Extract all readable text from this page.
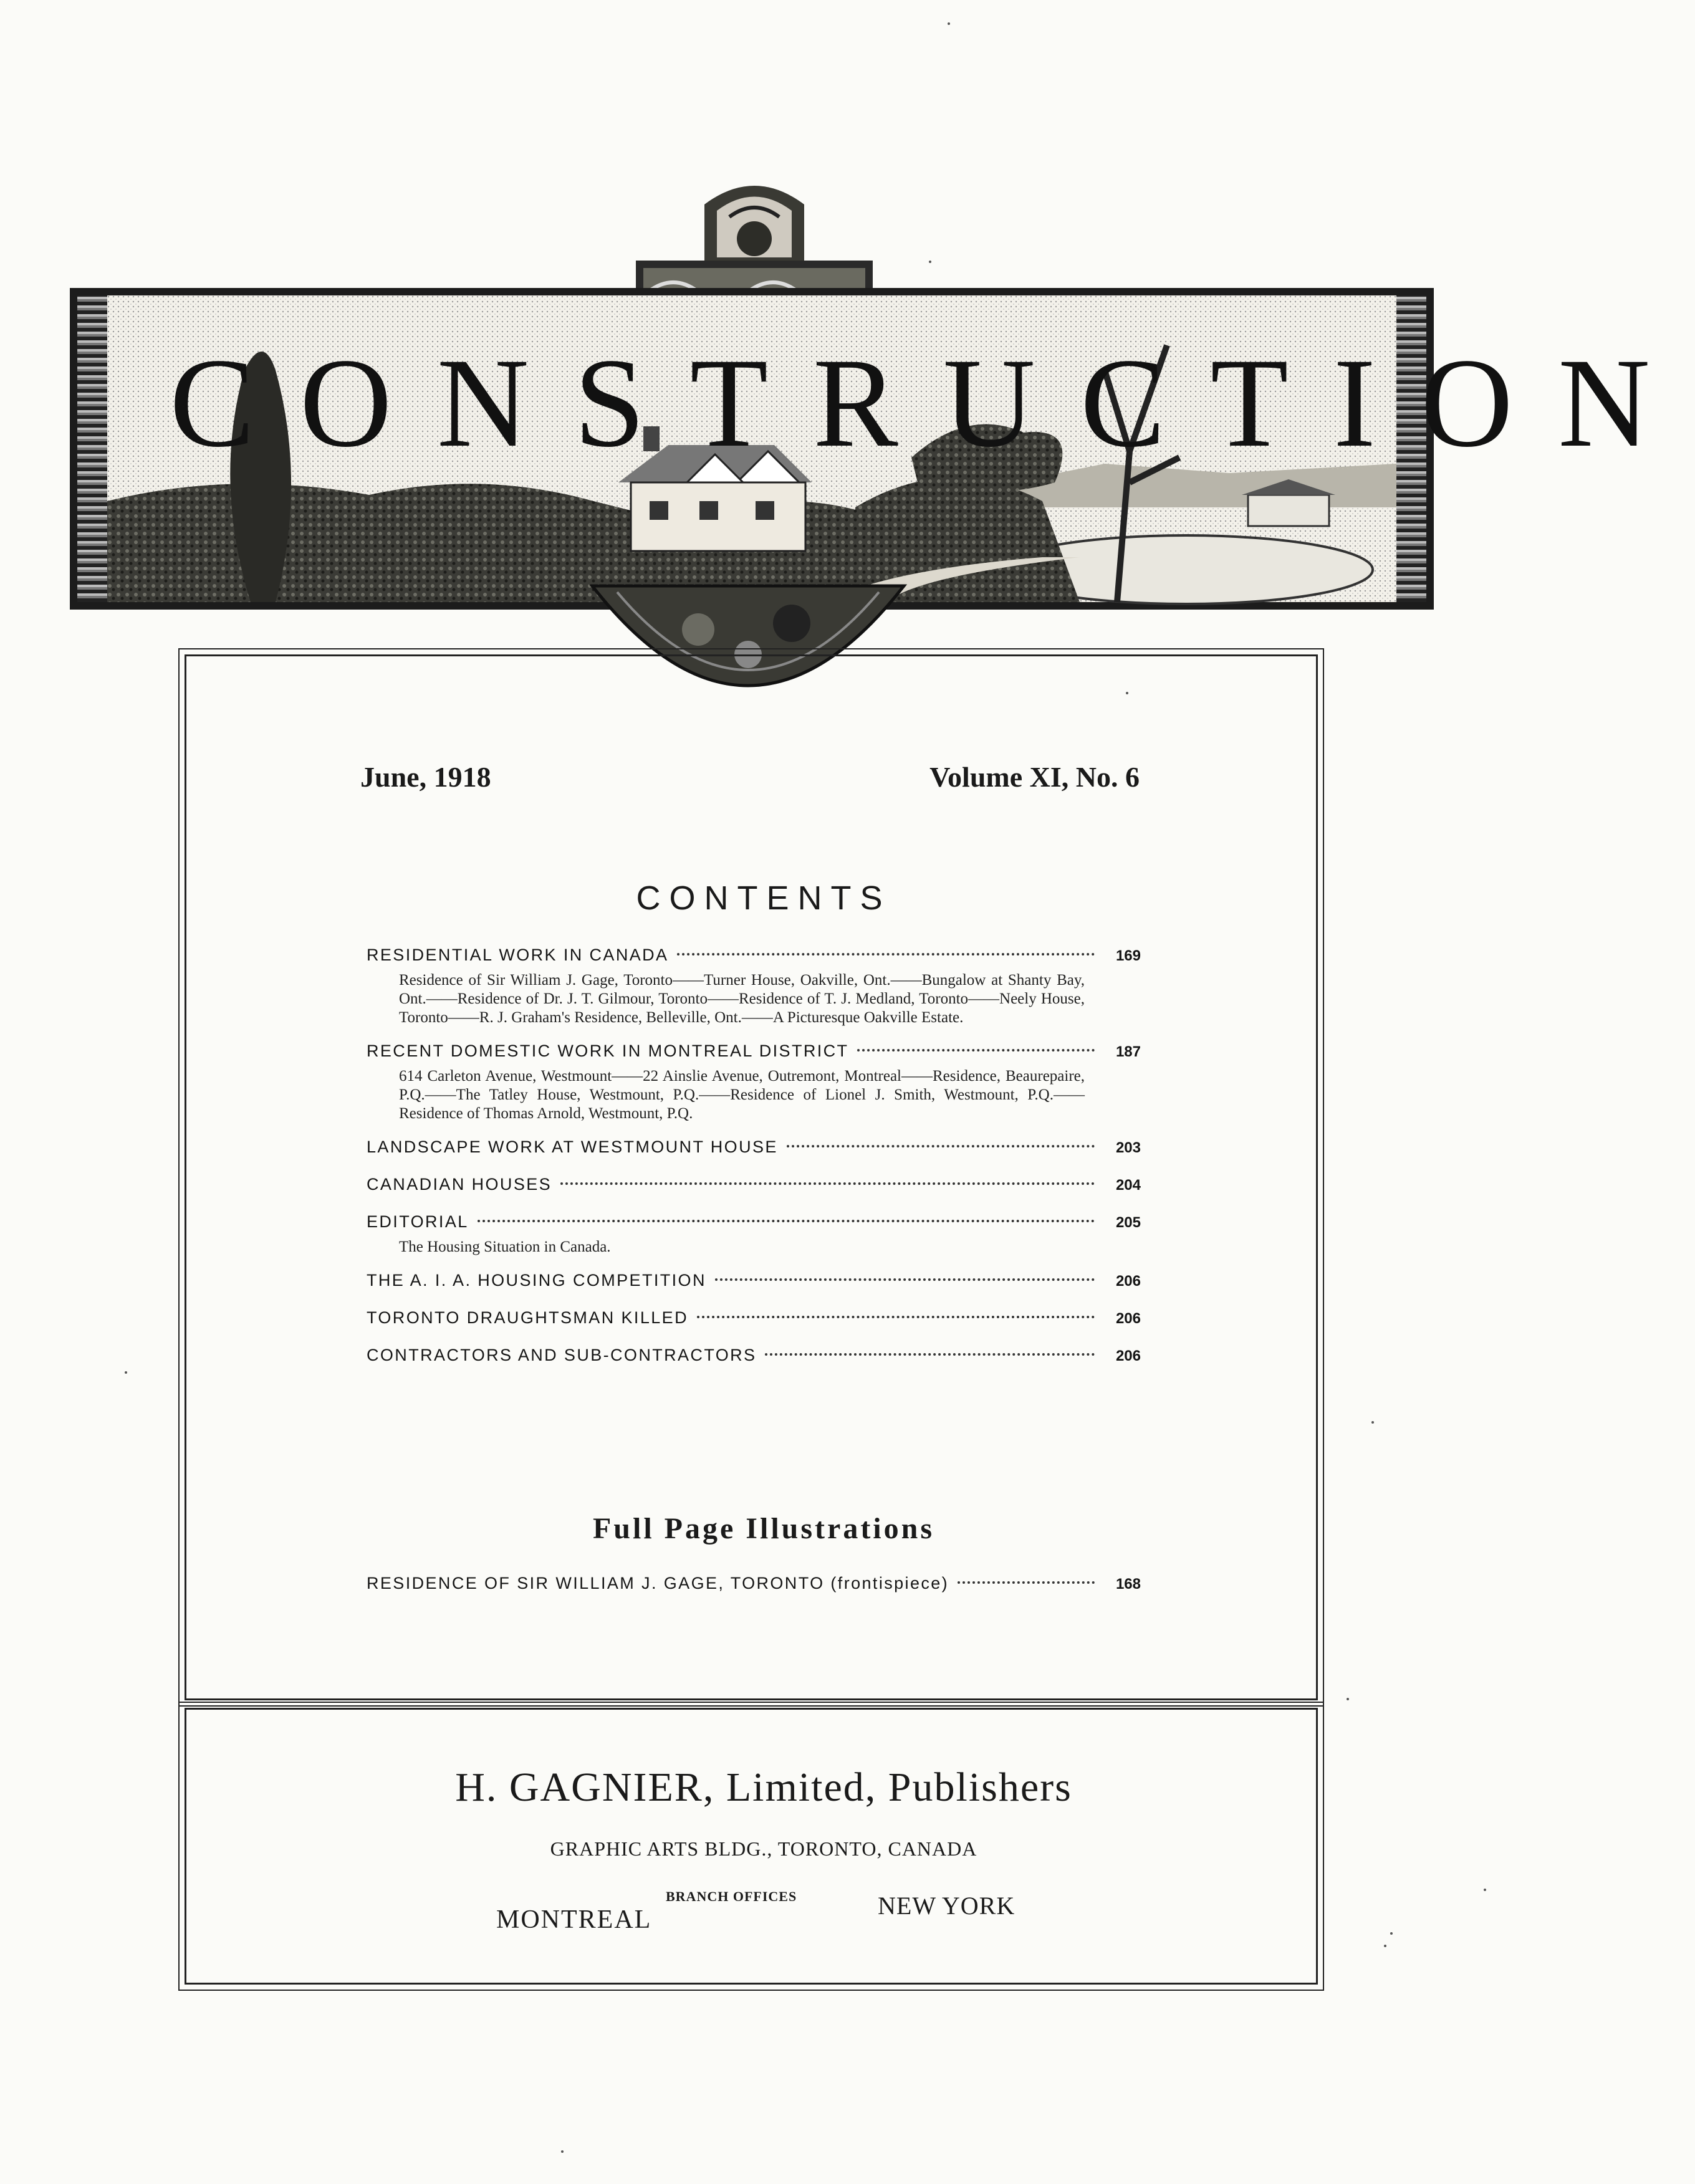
CONSTRUCTION
June, 1918	Volume XI, No. 6
CONTENTS
RESIDENTIAL WORK IN CANADA	169
Residence of Sir William J. Gage, Toronto——Turner House, Oakville, Ont.——Bungalow at Shanty Bay, Ont.——Residence of Dr. J. T. Gilmour, Toronto——Residence of T. J. Medland, Toronto——Neely House, Toronto——R. J. Graham's Residence, Belleville, Ont.——A Picturesque Oakville Estate.
RECENT DOMESTIC WORK IN MONTREAL DISTRICT	187
614 Carleton Avenue, Westmount——22 Ainslie Avenue, Outremont, Montreal——Residence, Beaurepaire, P.Q.——The Tatley House, Westmount, P.Q.——Residence of Lionel J. Smith, Westmount, P.Q.——Residence of Thomas Arnold, Westmount, P.Q.
LANDSCAPE WORK AT WESTMOUNT HOUSE	203
CANADIAN HOUSES	204
EDITORIAL	205
The Housing Situation in Canada.
THE A. I. A. HOUSING COMPETITION	206
TORONTO DRAUGHTSMAN KILLED	206
CONTRACTORS AND SUB-CONTRACTORS	206
Full Page Illustrations
RESIDENCE OF SIR WILLIAM J. GAGE, TORONTO (frontispiece)	168
H. GAGNIER, Limited, Publishers
GRAPHIC ARTS BLDG., TORONTO, CANADA
BRANCH OFFICES
MONTREAL	NEW YORK
